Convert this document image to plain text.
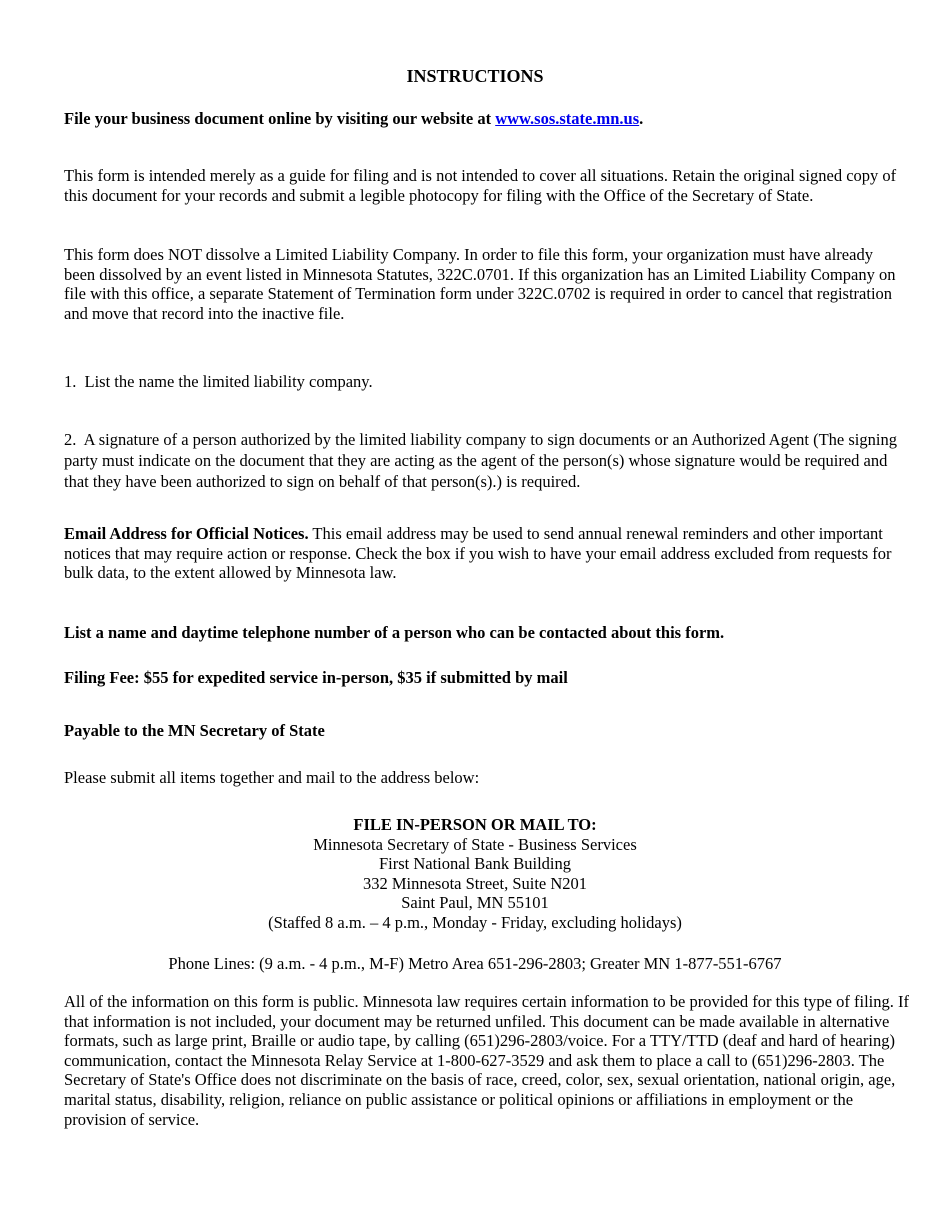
INSTRUCTIONS

File your business document online by visiting our website at www.sos.state.mn.us.

This form is intended merely as a guide for filing and is not intended to cover all situations. Retain the original signed copy of this document for your records and submit a legible photocopy for filing with the Office of the Secretary of State.

This form does NOT dissolve a Limited Liability Company. In order to file this form, your organization must have already been dissolved by an event listed in Minnesota Statutes, 322C.0701. If this organization has an Limited Liability Company on file with this office, a separate Statement of Termination form under 322C.0702 is required in order to cancel that registration and move that record into the inactive file.

1. List the name the limited liability company.

2. A signature of a person authorized by the limited liability company to sign documents or an Authorized Agent (The signing party must indicate on the document that they are acting as the agent of the person(s) whose signature would be required and that they have been authorized to sign on behalf of that person(s).) is required.

Email Address for Official Notices. This email address may be used to send annual renewal reminders and other important notices that may require action or response. Check the box if you wish to have your email address excluded from requests for bulk data, to the extent allowed by Minnesota law.

List a name and daytime telephone number of a person who can be contacted about this form.

Filing Fee: $55 for expedited service in-person, $35 if submitted by mail

Payable to the MN Secretary of State

Please submit all items together and mail to the address below:

FILE IN-PERSON OR MAIL TO:
Minnesota Secretary of State - Business Services
First National Bank Building
332 Minnesota Street, Suite N201
Saint Paul, MN 55101
(Staffed 8 a.m. – 4 p.m., Monday - Friday, excluding holidays)

Phone Lines: (9 a.m. - 4 p.m., M-F) Metro Area 651-296-2803; Greater MN 1-877-551-6767

All of the information on this form is public. Minnesota law requires certain information to be provided for this type of filing. If that information is not included, your document may be returned unfiled. This document can be made available in alternative formats, such as large print, Braille or audio tape, by calling (651)296-2803/voice. For a TTY/TTD (deaf and hard of hearing) communication, contact the Minnesota Relay Service at 1-800-627-3529 and ask them to place a call to (651)296-2803. The Secretary of State's Office does not discriminate on the basis of race, creed, color, sex, sexual orientation, national origin, age, marital status, disability, religion, reliance on public assistance or political opinions or affiliations in employment or the provision of service.
